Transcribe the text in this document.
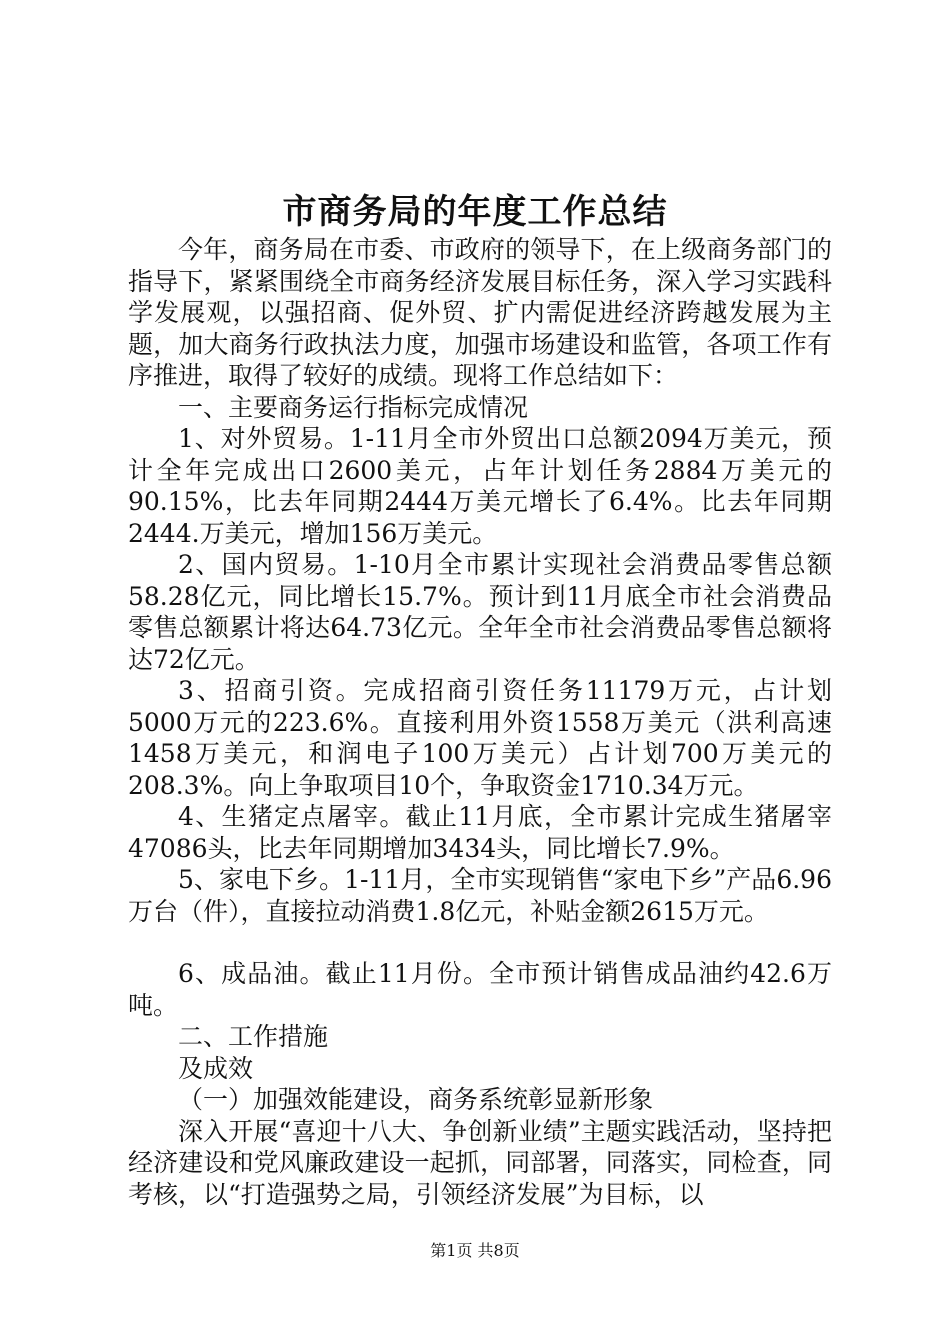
市商务局的年度工作总结

今年，商务局在市委、市政府的领导下，在上级商务部门的指导下，紧紧围绕全市商务经济发展目标任务，深入学习实践科学发展观，以强招商、促外贸、扩内需促进经济跨越发展为主题，加大商务行政执法力度，加强市场建设和监管，各项工作有序推进，取得了较好的成绩。现将工作总结如下：

一、主要商务运行指标完成情况

1、对外贸易。1-11月全市外贸出口总额2094万美元，预计全年完成出口2600美元，占年计划任务2884万美元的90.15%，比去年同期2444万美元增长了6.4%。比去年同期2444.万美元，增加156万美元。

2、国内贸易。1-10月全市累计实现社会消费品零售总额58.28亿元，同比增长15.7%。预计到11月底全市社会消费品零售总额累计将达64.73亿元。全年全市社会消费品零售总额将达72亿元。

3、招商引资。完成招商引资任务11179万元，占计划5000万元的223.6%。直接利用外资1558万美元（洪利高速1458万美元，和润电子100万美元）占计划700万美元的208.3%。向上争取项目10个，争取资金1710.34万元。

4、生猪定点屠宰。截止11月底，全市累计完成生猪屠宰47086头，比去年同期增加3434头，同比增长7.9%。

5、家电下乡。1-11月，全市实现销售“家电下乡”产品6.96万台（件），直接拉动消费1.8亿元，补贴金额2615万元。

6、成品油。截止11月份。全市预计销售成品油约42.6万吨。

二、工作措施

及成效

（一）加强效能建设，商务系统彰显新形象

深入开展“喜迎十八大、争创新业绩”主题实践活动，坚持把经济建设和党风廉政建设一起抓，同部署，同落实，同检查，同考核，以“打造强势之局，引领经济发展”为目标，以

第1页 共8页
